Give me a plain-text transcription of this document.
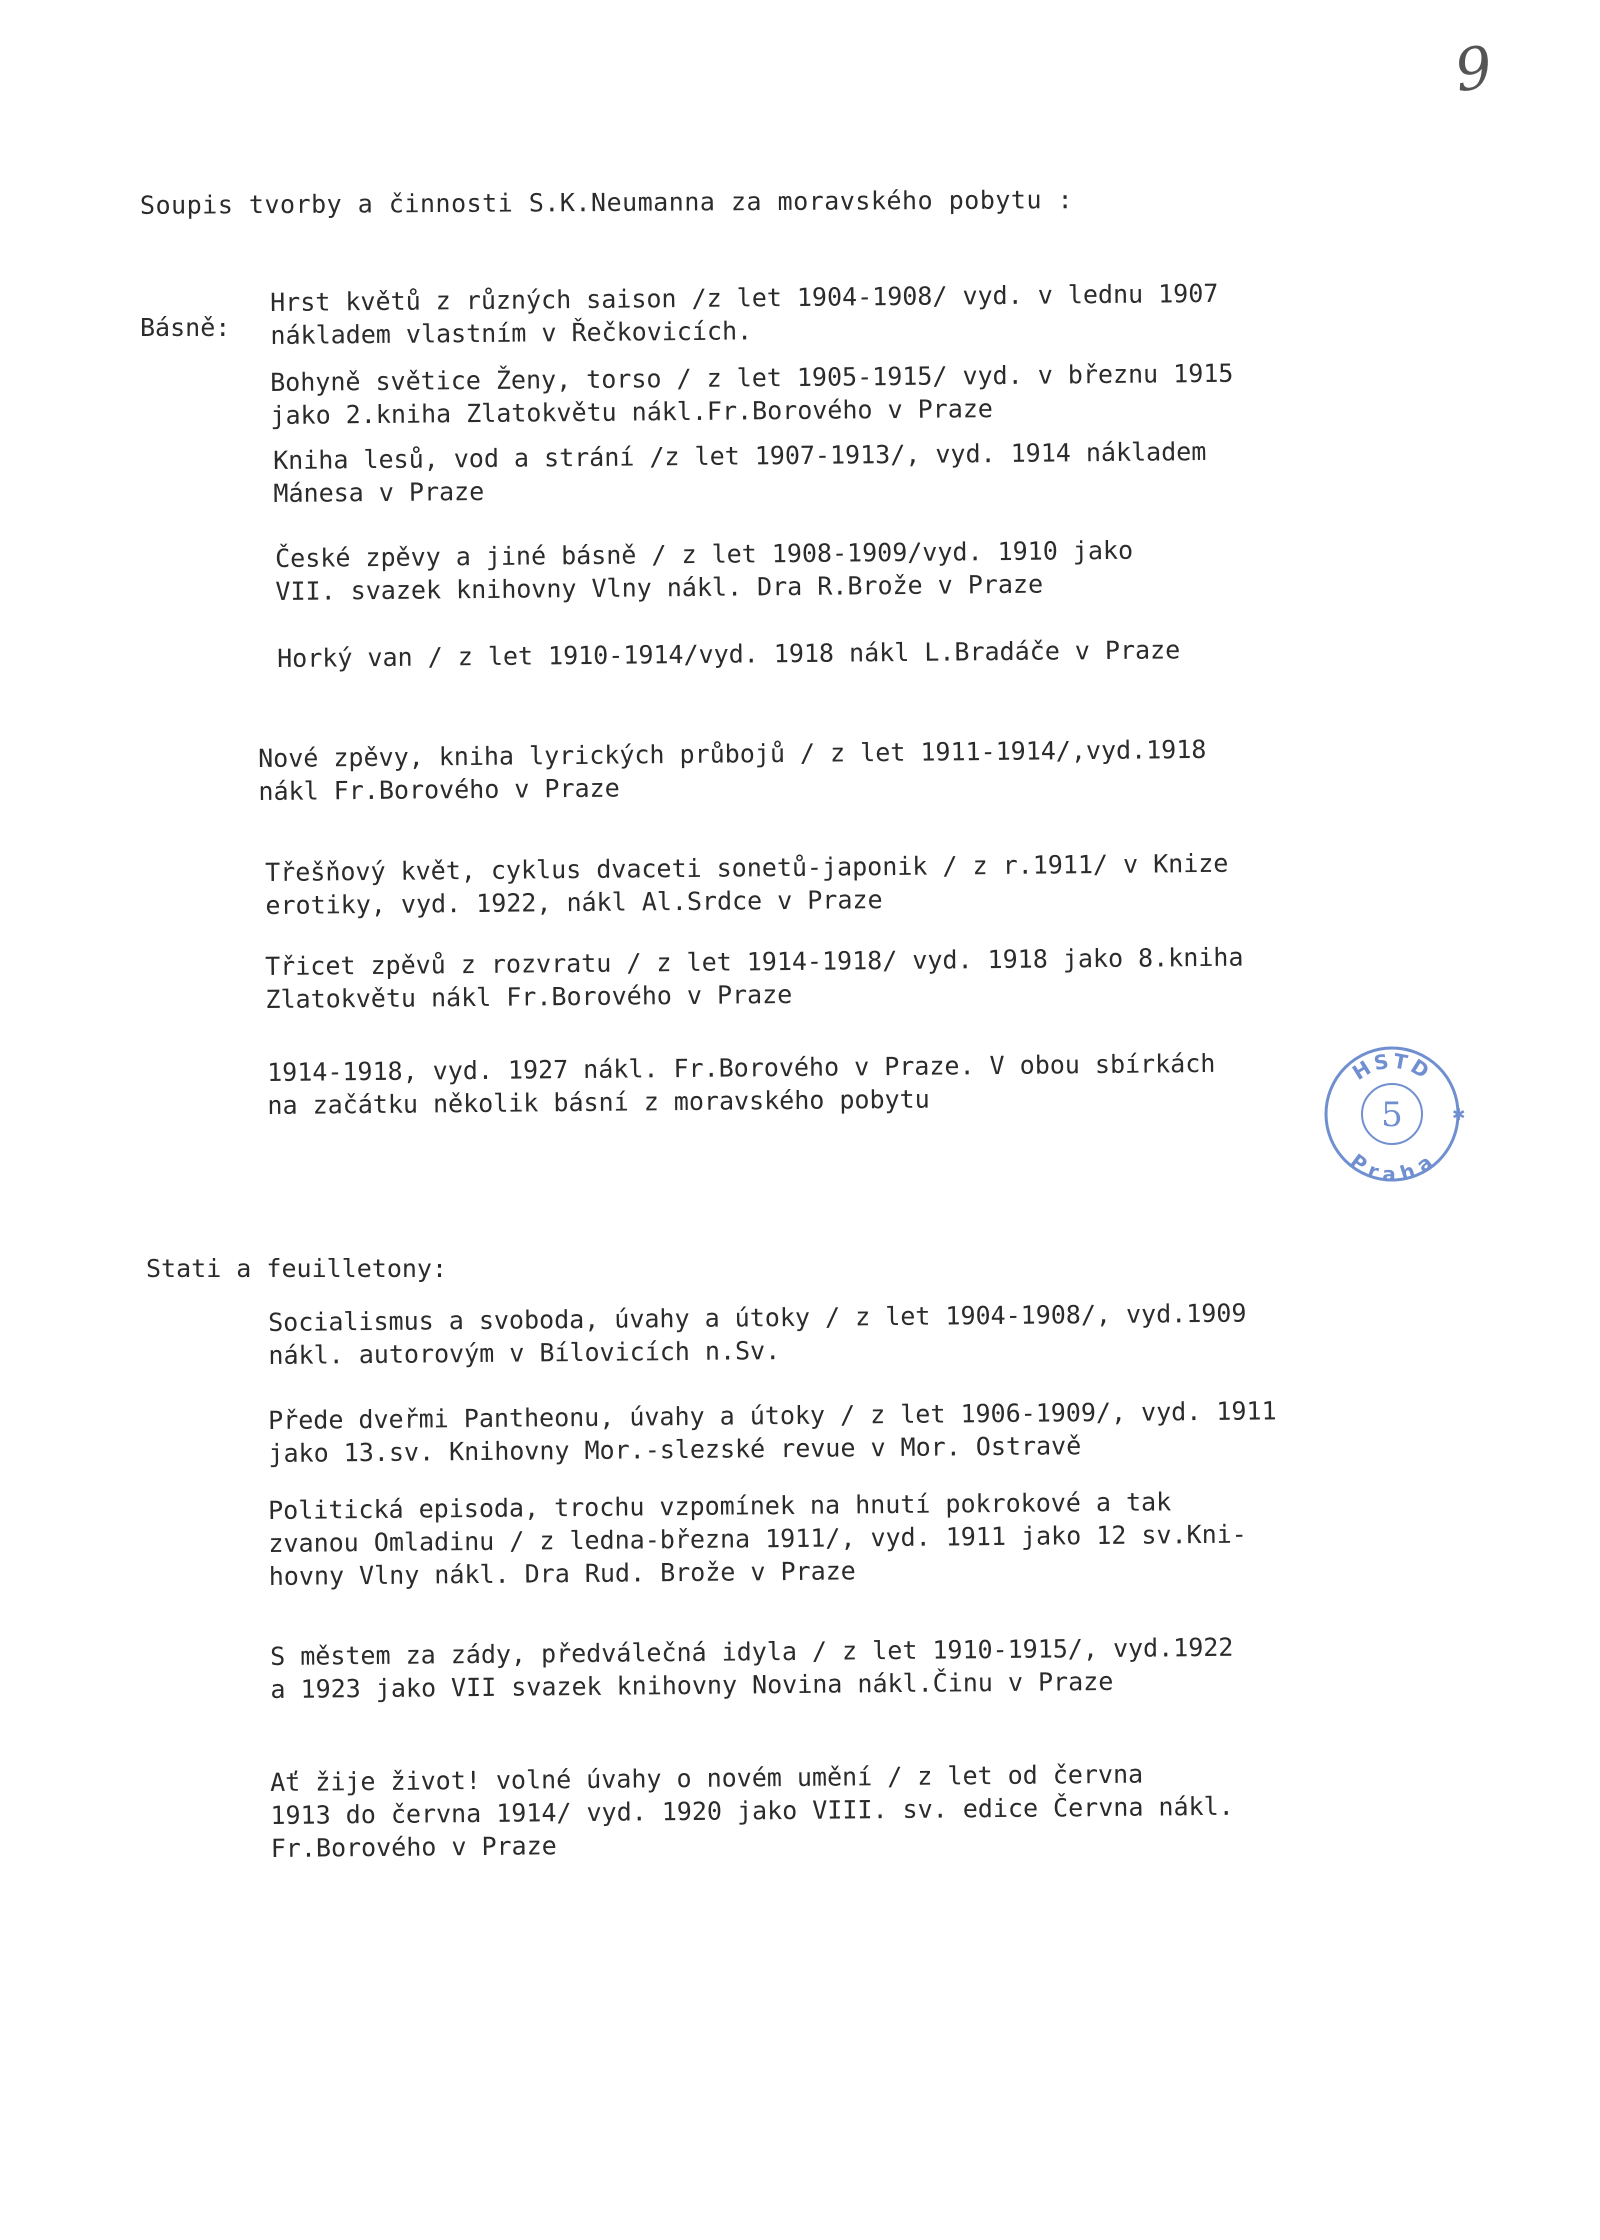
9
Soupis tvorby a činnosti S.K.Neumanna za moravského pobytu :
Básně:

Hrst květů z různých saison /z let 1904-1908/ vyd. v lednu 1907

nákladem vlastním v Řečkovicích.

Bohyně světice Ženy, torso / z let 1905-1915/ vyd. v březnu 1915

jako 2.kniha Zlatokvětu nákl.Fr.Borového v Praze

Kniha lesů, vod a strání /z let 1907-1913/, vyd. 1914 nákladem

Mánesa v Praze

České zpěvy a jiné básně / z let 1908-1909/vyd. 1910 jako

VII. svazek knihovny Vlny nákl. Dra R.Brože v Praze

Horký van / z let 1910-1914/vyd. 1918 nákl L.Bradáče v Praze

Nové zpěvy, kniha lyrických průbojů / z let 1911-1914/,vyd.1918

nákl Fr.Borového v Praze

Třešňový květ, cyklus dvaceti sonetů-japonik / z r.1911/ v Knize

erotiky, vyd. 1922, nákl Al.Srdce v Praze

Třicet zpěvů z rozvratu / z let 1914-1918/ vyd. 1918 jako 8.kniha

Zlatokvětu nákl Fr.Borového v Praze

1914-1918, vyd. 1927 nákl. Fr.Borového v Praze. V obou sbírkách

na začátku několik básní z moravského pobytu

Stati a feuilletony:

Socialismus a svoboda, úvahy a útoky / z let 1904-1908/, vyd.1909

nákl. autorovým v Bílovicích n.Sv.

Přede dveřmi Pantheonu, úvahy a útoky / z let 1906-1909/, vyd. 1911

jako 13.sv. Knihovny Mor.-slezské revue v Mor. Ostravě

Politická episoda, trochu vzpomínek na hnutí pokrokové a tak

zvanou Omladinu / z ledna-března 1911/, vyd. 1911 jako 12 sv.Kni-

hovny Vlny nákl. Dra Rud. Brože v Praze

S městem za zády, předválečná idyla / z let 1910-1915/, vyd.1922

a 1923 jako VII svazek knihovny Novina nákl.Činu v Praze

Ať žije život! volné úvahy o novém umění / z let od června

1913 do června 1914/ vyd. 1920 jako VIII. sv. edice Června nákl.

Fr.Borového v Praze

HSTD
5
Praha
✱
